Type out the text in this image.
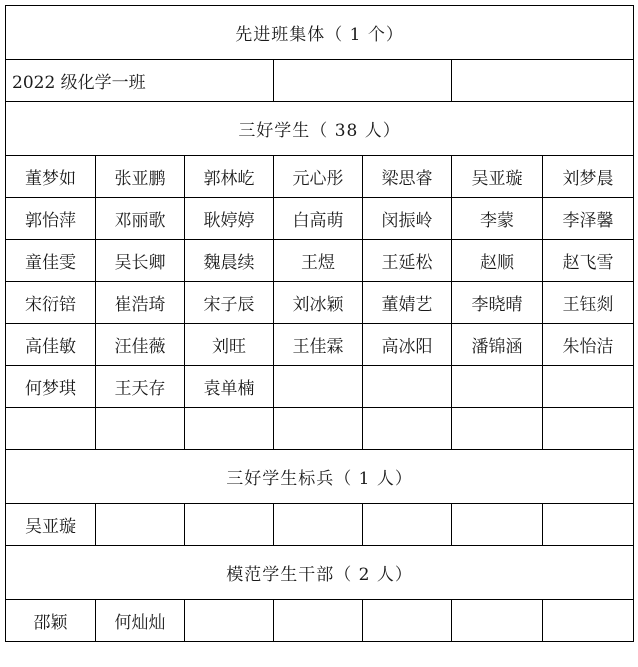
先进班集体（ 1 个）						
2022 级化学一班						
三好学生（ 38 人）						
董梦如	张亚鹏	郭林屹	元心彤	梁思睿	吴亚璇	刘梦晨
郭怡萍	邓丽歌	耿婷婷	白高萌	闵振岭	李蒙	李泽馨
童佳雯	吴长卿	魏晨续	王煜	王延松	赵顺	赵飞雪
宋衍锫	崔浩琦	宋子辰	刘冰颖	董婧艺	李晓晴	王钰剡
高佳敏	汪佳薇	刘旺	王佳霖	高冰阳	潘锦涵	朱怡洁
何梦琪	王天存	袁单楠				

三好学生标兵（ 1 人）						
吴亚璇						
模范学生干部（ 2 人）						
邵颖	何灿灿					
